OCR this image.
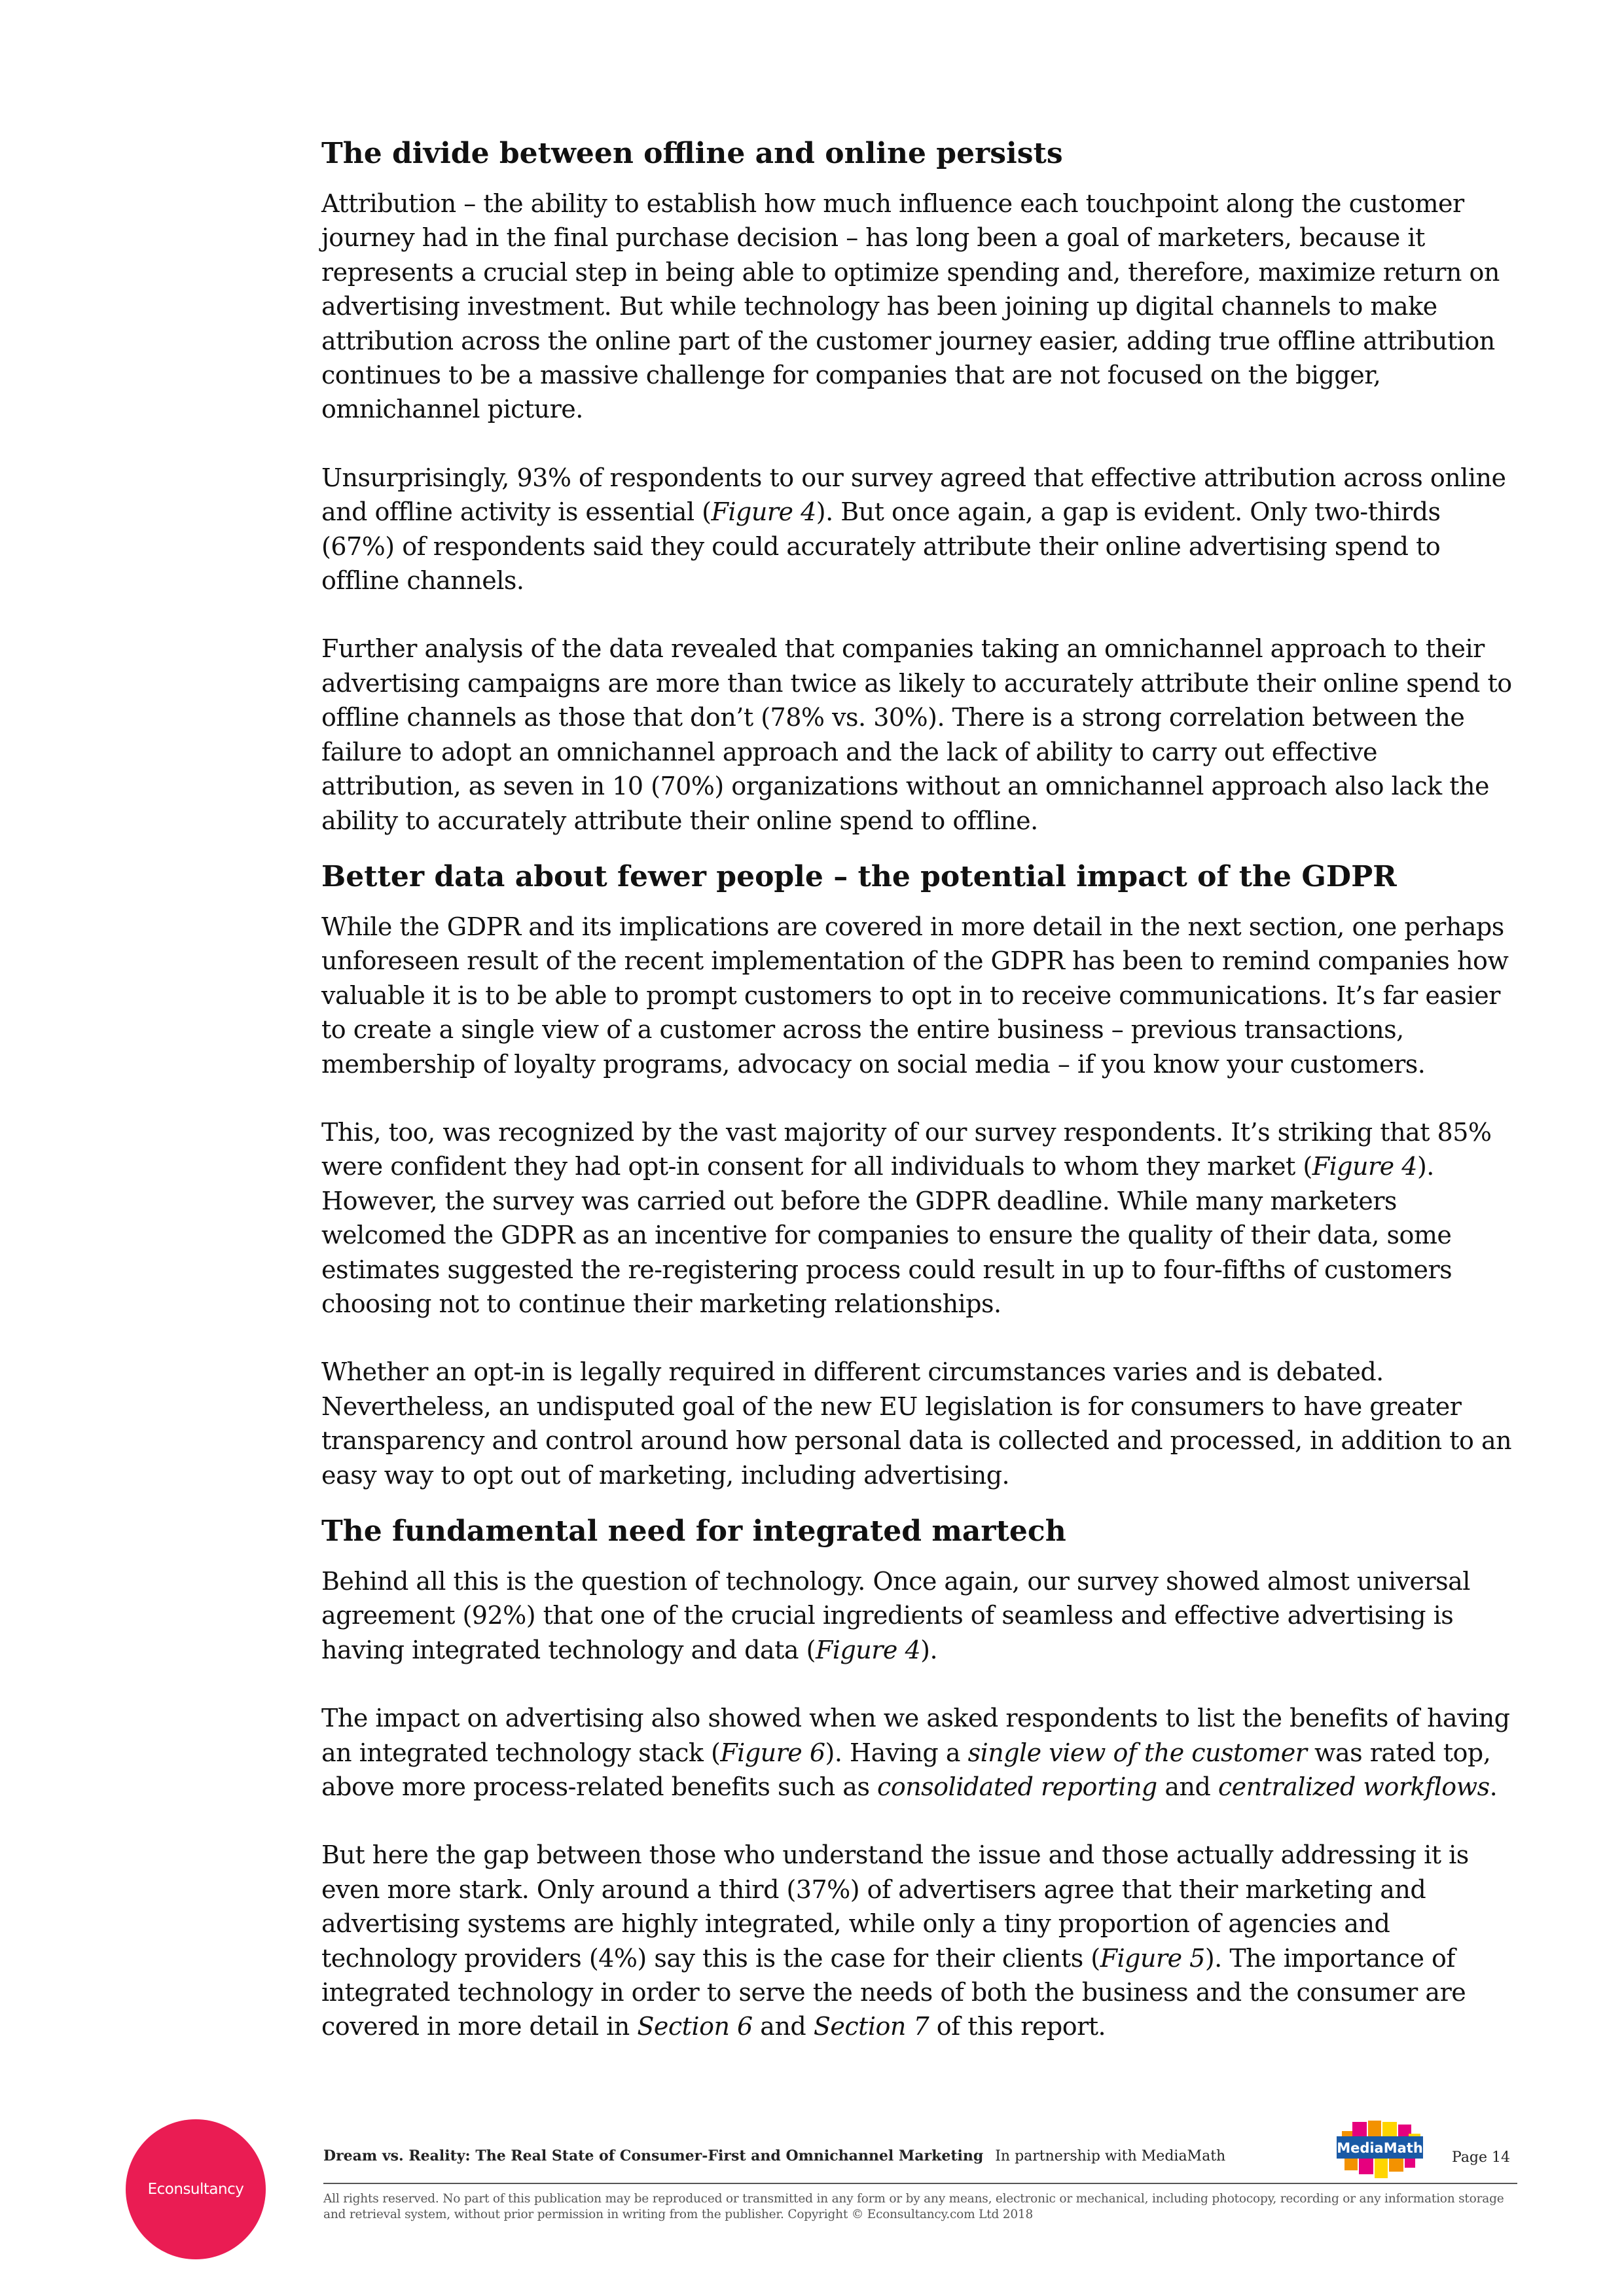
The divide between offline and online persists

Attribution – the ability to establish how much influence each touchpoint along the customer journey had in the final purchase decision – has long been a goal of marketers, because it represents a crucial step in being able to optimize spending and, therefore, maximize return on advertising investment. But while technology has been joining up digital channels to make attribution across the online part of the customer journey easier, adding true offline attribution continues to be a massive challenge for companies that are not focused on the bigger, omnichannel picture.

Unsurprisingly, 93% of respondents to our survey agreed that effective attribution across online and offline activity is essential (Figure 4). But once again, a gap is evident. Only two-thirds (67%) of respondents said they could accurately attribute their online advertising spend to offline channels.

Further analysis of the data revealed that companies taking an omnichannel approach to their advertising campaigns are more than twice as likely to accurately attribute their online spend to offline channels as those that don’t (78% vs. 30%). There is a strong correlation between the failure to adopt an omnichannel approach and the lack of ability to carry out effective attribution, as seven in 10 (70%) organizations without an omnichannel approach also lack the ability to accurately attribute their online spend to offline.

Better data about fewer people – the potential impact of the GDPR

While the GDPR and its implications are covered in more detail in the next section, one perhaps unforeseen result of the recent implementation of the GDPR has been to remind companies how valuable it is to be able to prompt customers to opt in to receive communications. It’s far easier to create a single view of a customer across the entire business – previous transactions, membership of loyalty programs, advocacy on social media – if you know your customers.

This, too, was recognized by the vast majority of our survey respondents. It’s striking that 85% were confident they had opt-in consent for all individuals to whom they market (Figure 4). However, the survey was carried out before the GDPR deadline. While many marketers welcomed the GDPR as an incentive for companies to ensure the quality of their data, some estimates suggested the re-registering process could result in up to four-fifths of customers choosing not to continue their marketing relationships.

Whether an opt-in is legally required in different circumstances varies and is debated. Nevertheless, an undisputed goal of the new EU legislation is for consumers to have greater transparency and control around how personal data is collected and processed, in addition to an easy way to opt out of marketing, including advertising.

The fundamental need for integrated martech

Behind all this is the question of technology. Once again, our survey showed almost universal agreement (92%) that one of the crucial ingredients of seamless and effective advertising is having integrated technology and data (Figure 4).

The impact on advertising also showed when we asked respondents to list the benefits of having an integrated technology stack (Figure 6). Having a single view of the customer was rated top, above more process-related benefits such as consolidated reporting and centralized workflows.

But here the gap between those who understand the issue and those actually addressing it is even more stark. Only around a third (37%) of advertisers agree that their marketing and advertising systems are highly integrated, while only a tiny proportion of agencies and technology providers (4%) say this is the case for their clients (Figure 5). The importance of integrated technology in order to serve the needs of both the business and the consumer are covered in more detail in Section 6 and Section 7 of this report.

Econsultancy
Dream vs. Reality: The Real State of Consumer-First and Omnichannel Marketing In partnership with MediaMath	MediaMath
Page 14
All rights reserved. No part of this publication may be reproduced or transmitted in any form or by any means, electronic or mechanical, including photocopy, recording or any information storage and retrieval system, without prior permission in writing from the publisher. Copyright © Econsultancy.com Ltd 2018
